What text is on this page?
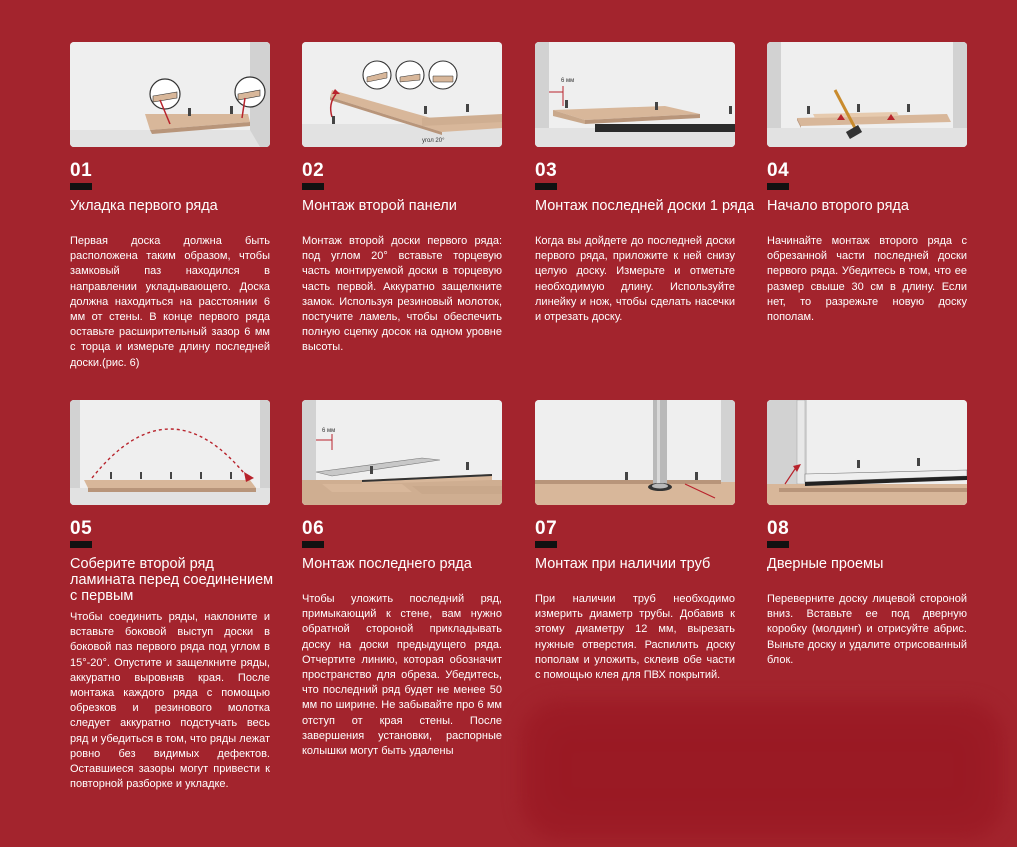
01
Укладка первого ряда
Первая доска должна быть расположена таким образом, чтобы замковый паз находился в направлении укладывающего. Доска должна находиться на расстоянии 6 мм от стены. В конце первого ряда оставьте расширительный зазор 6 мм с торца и измерьте длину последней доски.(рис. 6)
угол 20°
02
Монтаж второй панели
Монтаж второй доски первого ряда: под углом 20° вставьте торцевую часть монтируемой доски в торцевую часть первой. Аккуратно защелкните замок. Используя резиновый молоток, постучите ламель, чтобы обеспечить полную сцепку досок на одном уровне высоты.
6 мм
03
Монтаж последней доски 1 ряда
Когда вы дойдете до последней доски первого ряда, приложите к ней снизу целую доску. Измерьте и отметьте необходимую длину. Используйте линейку и нож, чтобы сделать насечки и отрезать доску.
04
Начало второго ряда
Начинайте монтаж второго ряда с обрезанной части последней доски первого ряда. Убедитесь в том, что ее размер свыше 30 см в длину. Если нет, то разрежьте новую доску пополам.
05
Соберите второй ряд ламината перед соединением с первым
Чтобы соединить ряды, наклоните и вставьте боковой выступ доски в боковой паз первого ряда под углом в 15°-20°. Опустите и защелкните ряды, аккуратно выровняв края. После монтажа каждого ряда с помощью обрезков и резинового молотка следует аккуратно подстучать весь ряд и убедиться в том, что ряды лежат ровно без видимых дефектов. Оставшиеся зазоры могут привести к повторной разборке и укладке.
6 мм
06
Монтаж последнего ряда
Чтобы уложить последний ряд, примыкающий к стене, вам нужно обратной стороной прикладывать доску на доски предыдущего ряда. Отчертите линию, которая обозначит пространство для обреза. Убедитесь, что последний ряд будет не менее 50 мм по ширине. Не забывайте про 6 мм отступ от края стены. После завершения установки, распорные колышки могут быть удалены
07
Монтаж при наличии труб
При наличии труб необходимо измерить диаметр трубы. Добавив к этому диаметру 12 мм, вырезать нужные отверстия. Распилить доску пополам и уложить, склеив обе части с помощью клея для ПВХ покрытий.
08
Дверные проемы
Переверните доску лицевой стороной вниз. Вставьте ее под дверную коробку (молдинг) и отрисуйте абрис. Выньте доску и удалите отрисованный блок.
